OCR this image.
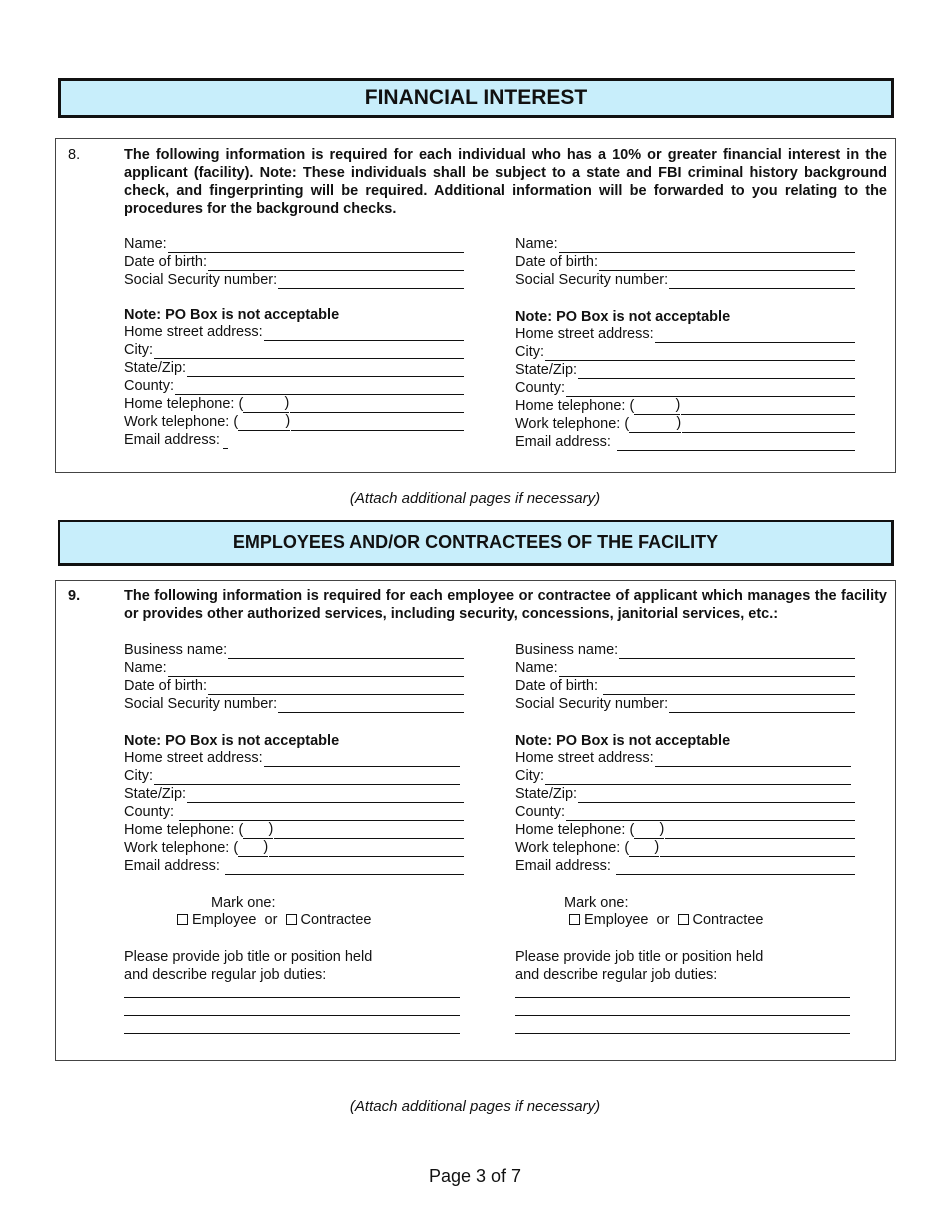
FINANCIAL INTEREST
8.	The following information is required for each individual who has a 10% or greater financial interest in the applicant (facility). Note: These individuals shall be subject to a state and FBI criminal history background check, and fingerprinting will be required. Additional information will be forwarded to you relating to the procedures for the background checks.
Name:
Date of birth:
Social Security number:
Note: PO Box is not acceptable
Home street address:
City:
State/Zip:
County:
Home telephone: (	)
Work telephone: (	)
Email address:
Name:
Date of birth:
Social Security number:
Note: PO Box is not acceptable
Home street address:
City:
State/Zip:
County:
Home telephone: (	)
Work telephone: (	)
Email address:
(Attach additional pages if necessary)
EMPLOYEES AND/OR CONTRACTEES OF THE FACILITY
9.	The following information is required for each employee or contractee of applicant which manages the facility or provides other authorized services, including security, concessions, janitorial services, etc.:
Business name:
Name:
Date of birth:
Social Security number:
Note: PO Box is not acceptable
Home street address:
City:
State/Zip:
County:
Home telephone: (	)
Work telephone: (	)
Email address:
Mark one:
Employee or Contractee
Please provide job title or position held
and describe regular job duties:
Business name:
Name:
Date of birth:
Social Security number:
Note: PO Box is not acceptable
Home street address:
City:
State/Zip:
County:
Home telephone: (	)
Work telephone: (	)
Email address:
Mark one:
Employee or Contractee
Please provide job title or position held
and describe regular job duties:
(Attach additional pages if necessary)
Page 3 of 7
